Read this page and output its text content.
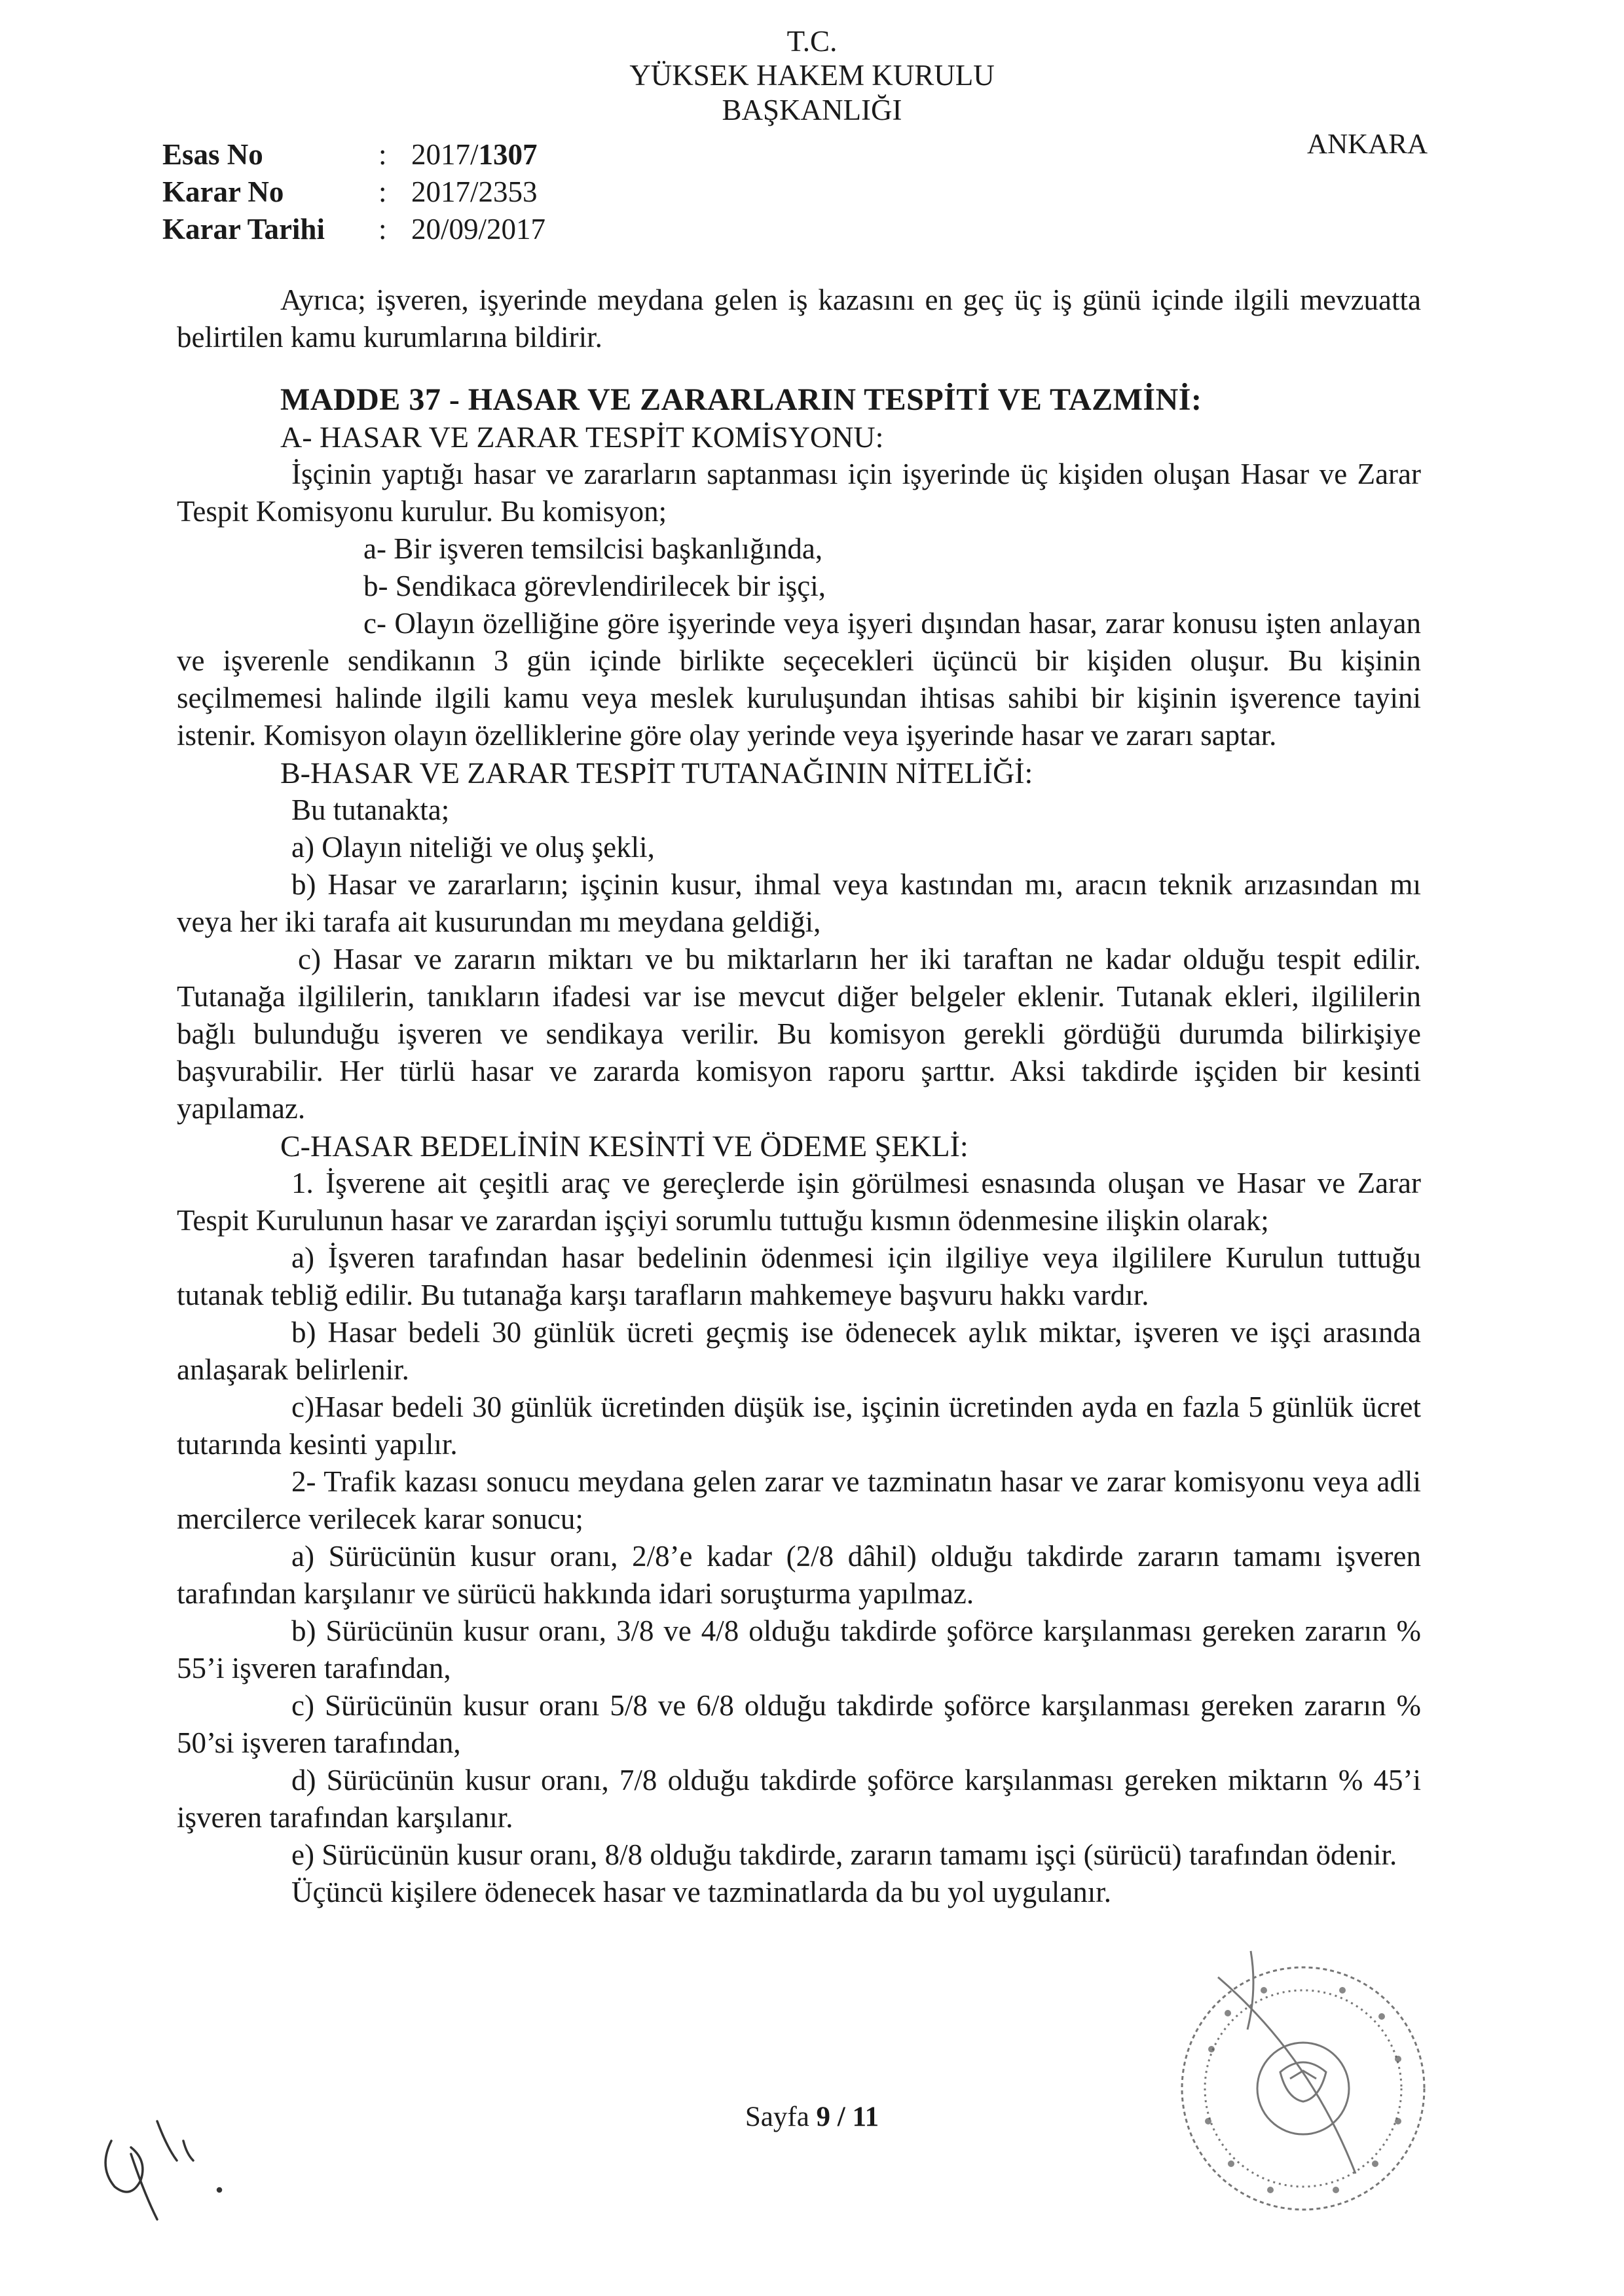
T.C.
YÜKSEK HAKEM KURULU
BAŞKANLIĞI
ANKARA
Esas No	: 2017/1307
Karar No	: 2017/2353
Karar Tarihi : 20/09/2017

Ayrıca; işveren, işyerinde meydana gelen iş kazasını en geç üç iş günü içinde ilgili mevzuatta belirtilen kamu kurumlarına bildirir.

MADDE 37 - HASAR VE ZARARLARIN TESPİTİ VE TAZMİNİ:

A- HASAR VE ZARAR TESPİT KOMİSYONU:

İşçinin yaptığı hasar ve zararların saptanması için işyerinde üç kişiden oluşan Hasar ve Zarar Tespit Komisyonu kurulur. Bu komisyon;

a- Bir işveren temsilcisi başkanlığında,

b- Sendikaca görevlendirilecek bir işçi,

c- Olayın özelliğine göre işyerinde veya işyeri dışından hasar, zarar konusu işten anlayan ve işverenle sendikanın 3 gün içinde birlikte seçecekleri üçüncü bir kişiden oluşur. Bu kişinin seçilmemesi halinde ilgili kamu veya meslek kuruluşundan ihtisas sahibi bir kişinin işverence tayini istenir. Komisyon olayın özelliklerine göre olay yerinde veya işyerinde hasar ve zararı saptar.

B-HASAR VE ZARAR TESPİT TUTANAĞININ NİTELİĞİ:

Bu tutanakta;

a) Olayın niteliği ve oluş şekli,

b) Hasar ve zararların; işçinin kusur, ihmal veya kastından mı, aracın teknik arızasından mı veya her iki tarafa ait kusurundan mı meydana geldiği,

c) Hasar ve zararın miktarı ve bu miktarların her iki taraftan ne kadar olduğu tespit edilir. Tutanağa ilgililerin, tanıkların ifadesi var ise mevcut diğer belgeler eklenir. Tutanak ekleri, ilgililerin bağlı bulunduğu işveren ve sendikaya verilir. Bu komisyon gerekli gördüğü durumda bilirkişiye başvurabilir. Her türlü hasar ve zararda komisyon raporu şarttır. Aksi takdirde işçiden bir kesinti yapılamaz.

C-HASAR BEDELİNİN KESİNTİ VE ÖDEME ŞEKLİ:

1. İşverene ait çeşitli araç ve gereçlerde işin görülmesi esnasında oluşan ve Hasar ve Zarar Tespit Kurulunun hasar ve zarardan işçiyi sorumlu tuttuğu kısmın ödenmesine ilişkin olarak;

a) İşveren tarafından hasar bedelinin ödenmesi için ilgiliye veya ilgililere Kurulun tuttuğu tutanak tebliğ edilir. Bu tutanağa karşı tarafların mahkemeye başvuru hakkı vardır.

b) Hasar bedeli 30 günlük ücreti geçmiş ise ödenecek aylık miktar, işveren ve işçi arasında anlaşarak belirlenir.

c)Hasar bedeli 30 günlük ücretinden düşük ise, işçinin ücretinden ayda en fazla 5 günlük ücret tutarında kesinti yapılır.

2- Trafik kazası sonucu meydana gelen zarar ve tazminatın hasar ve zarar komisyonu veya adli mercilerce verilecek karar sonucu;

a) Sürücünün kusur oranı, 2/8’e kadar (2/8 dâhil) olduğu takdirde zararın tamamı işveren tarafından karşılanır ve sürücü hakkında idari soruşturma yapılmaz.

b) Sürücünün kusur oranı, 3/8 ve 4/8 olduğu takdirde şoförce karşılanması gereken zararın % 55’i işveren tarafından,

c) Sürücünün kusur oranı 5/8 ve 6/8 olduğu takdirde şoförce karşılanması gereken zararın % 50’si işveren tarafından,

d) Sürücünün kusur oranı, 7/8 olduğu takdirde şoförce karşılanması gereken miktarın % 45’i işveren tarafından karşılanır.

e) Sürücünün kusur oranı, 8/8 olduğu takdirde, zararın tamamı işçi (sürücü) tarafından ödenir.

Üçüncü kişilere ödenecek hasar ve tazminatlarda da bu yol uygulanır.

Sayfa 9 / 11
